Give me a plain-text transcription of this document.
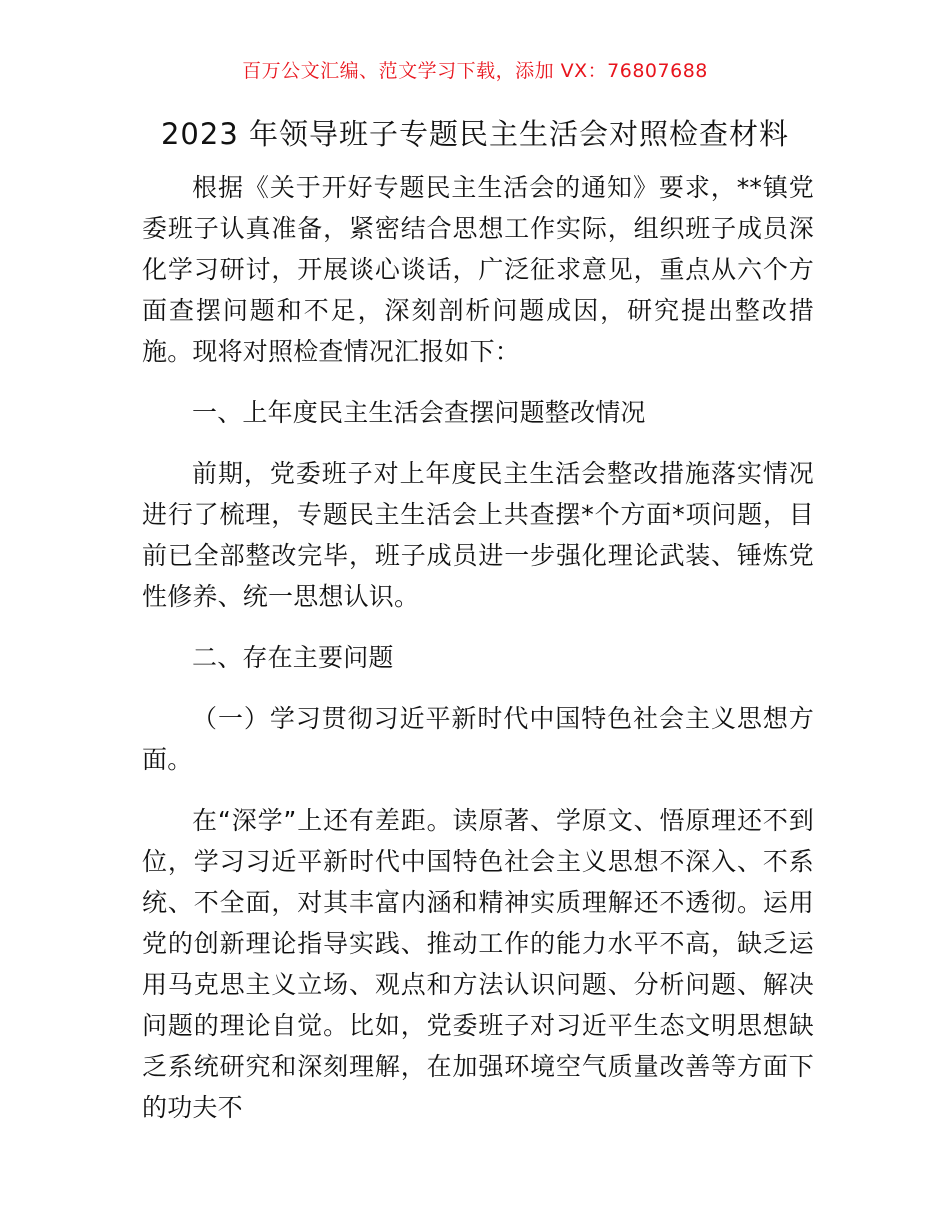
百万公文汇编、范文学习下载，添加 VX：76807688
2023 年领导班子专题民主生活会对照检查材料

根据《关于开好专题民主生活会的通知》要求，**镇党委班子认真准备，紧密结合思想工作实际，组织班子成员深化学习研讨，开展谈心谈话，广泛征求意见，重点从六个方面查摆问题和不足，深刻剖析问题成因，研究提出整改措施。现将对照检查情况汇报如下：

一、上年度民主生活会查摆问题整改情况

前期，党委班子对上年度民主生活会整改措施落实情况进行了梳理，专题民主生活会上共查摆*个方面*项问题，目前已全部整改完毕，班子成员进一步强化理论武装、锤炼党性修养、统一思想认识。

二、存在主要问题

（一）学习贯彻习近平新时代中国特色社会主义思想方面。

在“深学”上还有差距。读原著、学原文、悟原理还不到位，学习习近平新时代中国特色社会主义思想不深入、不系统、不全面，对其丰富内涵和精神实质理解还不透彻。运用党的创新理论指导实践、推动工作的能力水平不高，缺乏运用马克思主义立场、观点和方法认识问题、分析问题、解决问题的理论自觉。比如，党委班子对习近平生态文明思想缺乏系统研究和深刻理解，在加强环境空气质量改善等方面下的功夫不
